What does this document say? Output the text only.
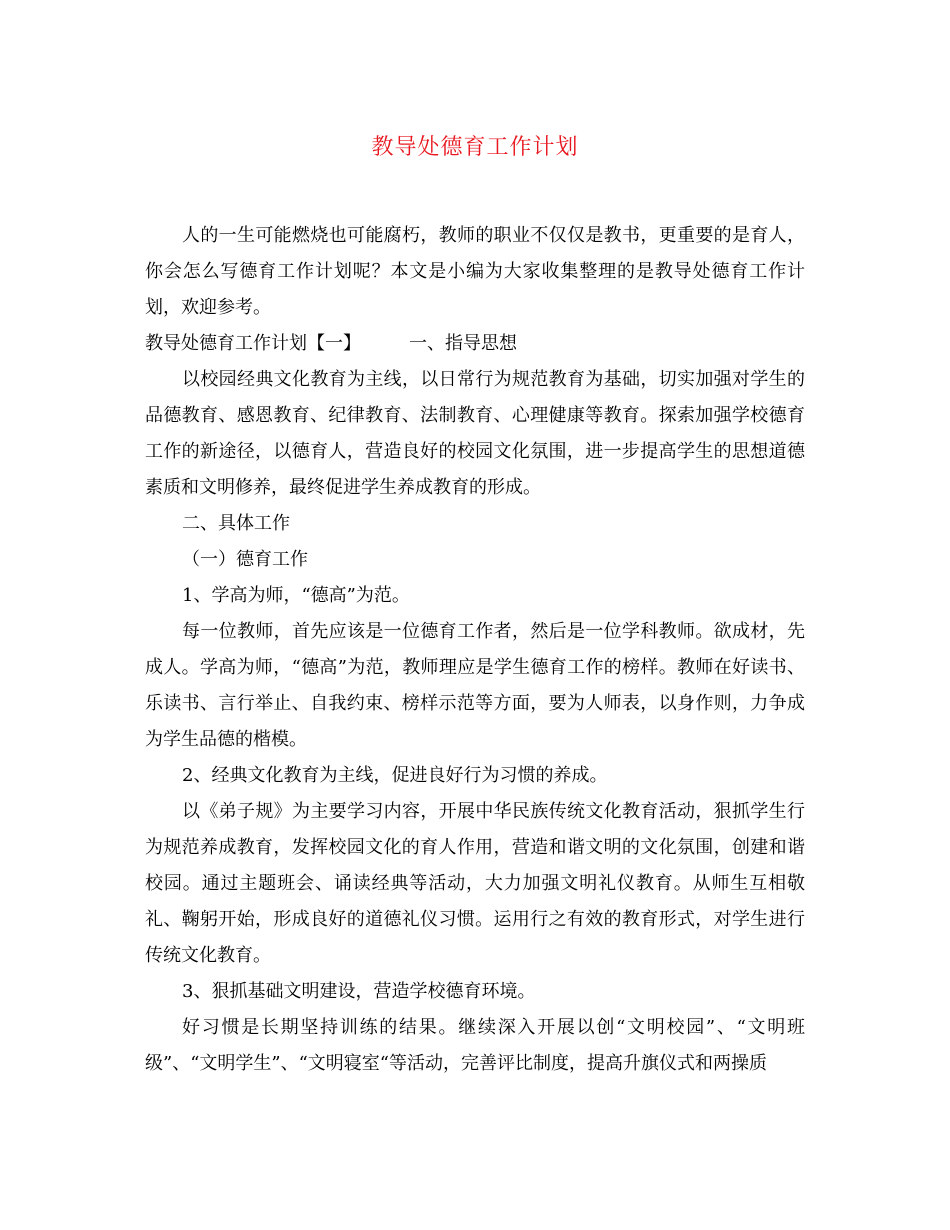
教导处德育工作计划

人的一生可能燃烧也可能腐朽，教师的职业不仅仅是教书，更重要的是育人，你会怎么写德育工作计划呢？本文是小编为大家收集整理的是教导处德育工作计划，欢迎参考。

教导处德育工作计划【一】	一、指导思想

以校园经典文化教育为主线，以日常行为规范教育为基础，切实加强对学生的品德教育、感恩教育、纪律教育、法制教育、心理健康等教育。探索加强学校德育工作的新途径，以德育人，营造良好的校园文化氛围，进一步提高学生的思想道德素质和文明修养，最终促进学生养成教育的形成。

二、具体工作

（一）德育工作

1、学高为师，“德高”为范。

每一位教师，首先应该是一位德育工作者，然后是一位学科教师。欲成材，先成人。学高为师，“德高”为范，教师理应是学生德育工作的榜样。教师在好读书、乐读书、言行举止、自我约束、榜样示范等方面，要为人师表，以身作则，力争成为学生品德的楷模。

2、经典文化教育为主线，促进良好行为习惯的养成。

以《弟子规》为主要学习内容，开展中华民族传统文化教育活动，狠抓学生行为规范养成教育，发挥校园文化的育人作用，营造和谐文明的文化氛围，创建和谐校园。通过主题班会、诵读经典等活动，大力加强文明礼仪教育。从师生互相敬礼、鞠躬开始，形成良好的道德礼仪习惯。运用行之有效的教育形式，对学生进行传统文化教育。

3、狠抓基础文明建设，营造学校德育环境。

好习惯是长期坚持训练的结果。继续深入开展以创“文明校园”、“文明班级”、“文明学生”、“文明寝室“等活动，完善评比制度，提高升旗仪式和两操质
